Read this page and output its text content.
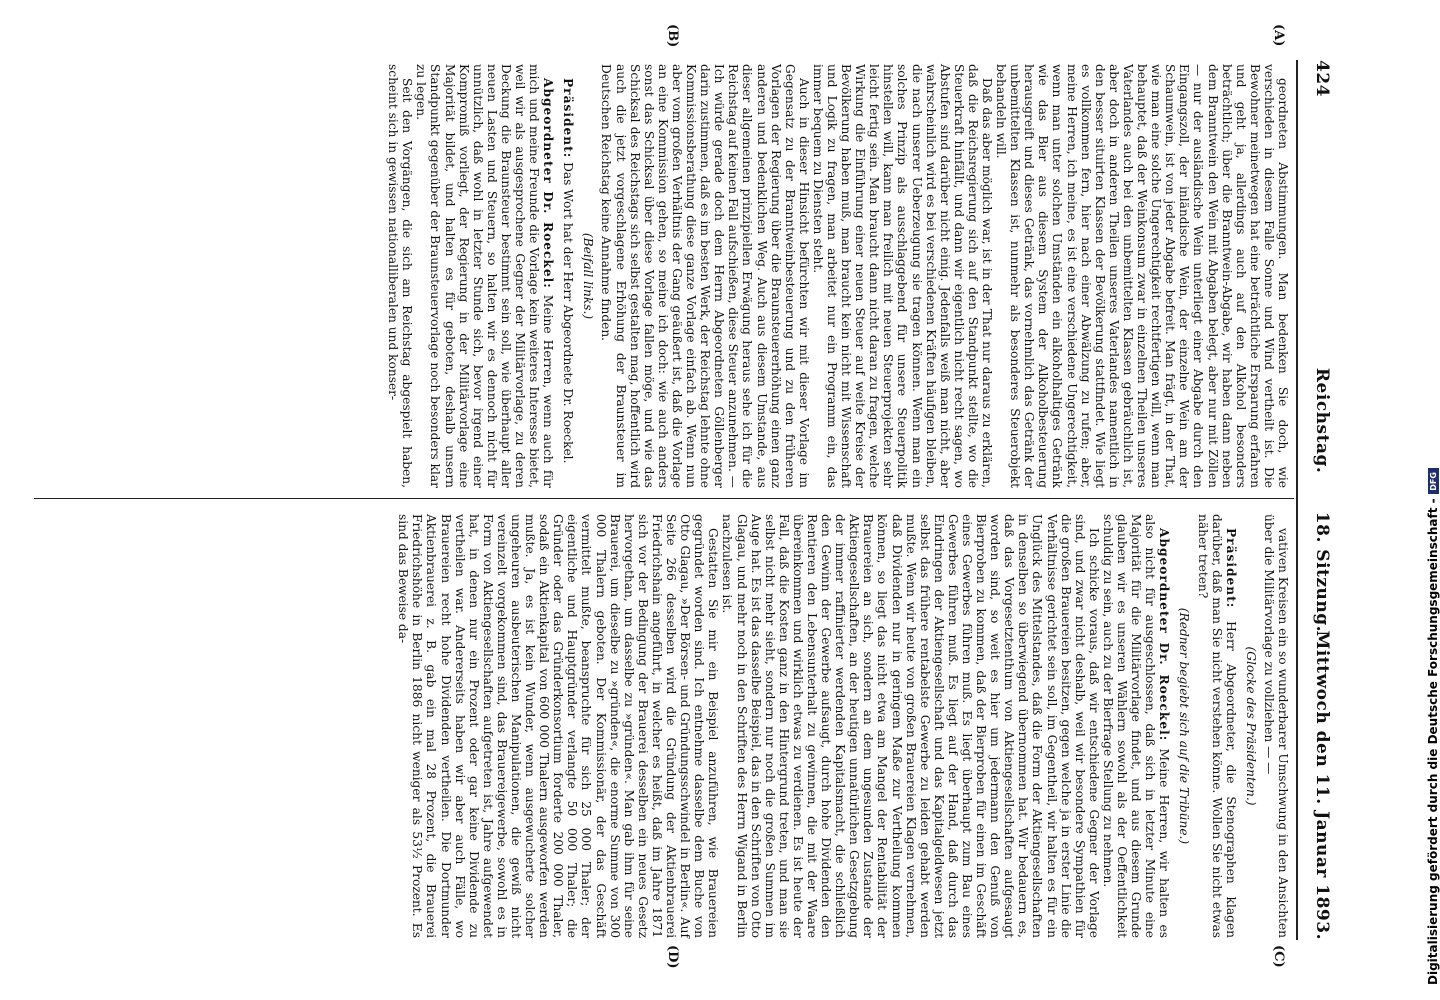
424
Reichstag.      18. Sitzung.
Mittwoch den 11. Januar 1893.
(A)
(B)
(C)
(D)

geordneten Abstimmungen. Man bedenken Sie doch, wie verschieden in diesem Falle Sonne und Wind vertheilt ist. Die Bewohner meinetwegen hat eine beträchtliche Ersparung erfahren und geht ja, allerdings auch auf den Alkohol besonders beträchtlich; über die Branntwein-Abgabe, wir haben dann neben dem Branntwein den Wein mit Abgaben belegt, aber nur mit Zöllen — nur der ausländische Wein unterliegt einer Abgabe durch den Eingangszoll, der inländische Wein, der einzelne Wein am der Schaumwein, ist von jeder Abgabe befreit. Man frägt, in der That, wie man eine solche Ungerechtigkeit rechtfertigen will, wenn man behauptet, daß der Weinkonsum zwar in einzelnen Theilen unseres Vaterlandes auch bei den unbemittelten Klassen gebräuchlich ist, aber doch in anderen Theilen unseres Vaterlandes namentlich in den besser situirten Klassen der Bevölkerung stattfindet. Wie liegt es vollkommen fern, hier nach einer Abwälzung zu rufen; aber, meine Herren, ich meine, es ist eine verschiedene Ungerechtigkeit, wenn man unter solchen Umständen ein alkoholhaltiges Getränk wie das Bier aus diesem System der Alkoholbesteuerung herausgreift und dieses Getränk, das vornehmlich das Getränk der unbemittelten Klassen ist, nunmehr als besonderes Steuerobjekt behandeln will.

Daß das aber möglich war, ist in der That nur daraus zu erklären, daß die Reichsregierung sich auf den Standpunkt stellte, wo die Steuerkraft hinfällt, und dann wir eigentlich nicht recht sagen, wo Abstufen sind darüber nicht einig. Jedenfalls weiß man nicht, aber wahrscheinlich wird es bei verschiedenen Kräften häufigen bleiben, die nach unserer Ueberzeugung sie tragen können. Wenn man ein solches Prinzip als ausschlaggebend für unsere Steuerpolitik hinstellen will, kann man freilich mit neuen Steuerprojekten sehr leicht fertig sein. Man braucht dann nicht daran zu fragen, welche Wirkung die Einführung einer neuen Steuer auf weite Kreise der Bevölkerung haben muß, man braucht kein nicht mit Wissenschaft und Logik zu fragen, man arbeitet nur ein Programm ein, das immer bequem zu Diensten steht.

Auch in dieser Hinsicht befürchten wir mit dieser Vorlage im Gegensatz zu der Branntweinbesteuerung und zu den früheren Vorlagen der Regierung über die Braunsteuererhöhung einen ganz anderen und bedenklichen Weg. Auch aus diesem Umstande, aus dieser allgemeinen prinzipiellen Erwägung heraus sehe ich für die Reichstag auf keinen Fall aufschießen, diese Steuer anzunehmen. — Ich würde gerade doch dem Herrn Abgeordneten Göllenberger darin zustimmen, daß es im besten Werk, der Reichstag lehnte ohne Kommissionsberathung diese ganze Vorlage einfach ab. Wenn nun aber vom großen Verhältnis der Gang geäußert ist, daß die Vorlage an eine Kommission gehen, so meine ich doch: wie auch anders sonst das Schicksal über diese Vorlage fallen möge, und wie das Schicksal des Reichstags sich selbst gestalten mag, hoffentlich wird auch die jetzt vorgeschlagene Erhöhung der Braunsteuer im Deutschen Reichstag keine Annahme finden.

(Beifall links.)

Präsident: Das Wort hat der Herr Abgeordnete Dr. Roeckel.

Abgeordneter Dr. Roeckel: Meine Herren, wenn auch für mich und meine Freunde die Vorlage kein weiteres Interesse bietet, weil wir als ausgesprochene Gegner der Militärvorlage, zu deren Deckung die Braunsteuer bestimmt sein soll, wie überhaupt aller neuen Lasten und Steuern, so halten wir es dennoch nicht für unnützlich, daß wohl in letzter Stunde sich, bevor irgend einer Kompromiß vorliegt, der Regierung in der Militärvorlage eine Majorität bildet, und halten es für geboten, deshalb unsern Standpunkt gegenüber der Braunsteuervorlage noch besonders klar zu legen.

Seit den Vorgängen, die sich am Reichstag abgespielt haben, scheint sich in gewissen nationalliberalen und konser-

vativen Kreisen ein so wunderbarer Umschwung in den Ansichten über die Militärvorlage zu vollziehen — —

(Glocke des Präsidenten.)

Präsident: Herr Abgeordneter, die Stenographen klagen darüber, daß man Sie nicht verstehen könne. Wollen Sie nicht etwas näher treten?

(Redner begiebt sich auf die Tribüne.)

Abgeordneter Dr. Roeckel: Meine Herren, wir halten es also nicht für ausgeschlossen, daß sich in letzter Minute eine Majorität für die Militärvorlage findet, und aus diesem Grunde glauben wir es unseren Wählern sowohl als der Oeffentlichkeit schuldig zu sein, auch zu der Bierfrage Stellung zu nehmen.

Ich schicke voraus, daß wir entschiedene Gegner der Vorlage sind, und zwar nicht deshalb, weil wir besondere Sympathien für die großen Brauereien besitzen, gegen welche ja in erster Linie die Verhältnisse gerichtet sein soll, im Gegentheil, wir halten es für ein Unglück des Mittelstandes, daß die Form der Aktiengesellschaften in denselben so überwiegend übernommen hat. Wir bedauern es, daß das Vorgesetztenthum von Aktiengesellschaften aufgesaugt worden sind, so weit es hier um jedermann den Genuß von Bierproben zu kommen, daß der Bierproben für einen im Geschäft eines Gewerbes führen muß. Es liegt überhaupt zum Bau eines Gewerbes führen muß. Es liegt auf der Hand, daß durch das Eindringen der Aktiengesellschaft und das Kapitalgeldwesen jetzt selbst das frühere rentabelste Gewerbe zu leiden gehabt werden mußte. Wenn wir heute von großen Brauereien Klagen vernehmen, daß Dividenden nur in geringem Maße zur Vertheilung kommen können, so liegt das nicht etwa am Mangel der Rentabilität der Brauereien an sich, sondern an dem ungesunden Zustande der Aktiengesellschaften, an der heutigen unnatürlichen Gesetzgebung der immer raffinierter werdenden Kapitalsmacht, die schließlich den Gewinn der Gewerbe aufsaugt, durch hohe Dividenden den Rentieren den Lebensunterhalt zu gewinnen, die mit der Waare übereinkommen und wirklich etwas zu verdienen. Es ist heute der Fall, daß die Kosten ganz in den Hintergrund treten, und man sie selbst nicht mehr sieht, sondern nur noch die großen Summen im Auge hat. Es ist das dasselbe Beispiel, das in den Schriften von Otto Glagau, und mehr noch in den Schriften des Herrn Wigand in Berlin nachzulesen ist.

Gestatten Sie mir ein Beispiel anzuführen, wie Brauereien gegründet worden sind. Ich entnehme dasselbe dem Buche von Otto Glagau, »Der Börsen- und Gründungsschwindel in Berlin«. Auf Seite 266 desselben wird die Gründung der Aktienbrauerei Friedrichshain angeführt, in welcher es heißt, daß im Jahre 1871 sich vor der Bedingung der Brauerei desselben ein neues Gesetz hervorgethan, um dasselbe zu »gründen«. Man gab ihm für seine Brauerei, um dieselbe zu »gründen«, die enorme Summe von 300 000 Thalern geboten. Der Kommissionär, der das Geschäft vermittelt mußte, beanspruchte für sich 25 000 Thaler; der eigentliche und Hauptgründer verlangte 50 000 Thaler; die Gründer oder das Gründerkonsortium forderte 200 000 Thaler, sodaß ein Aktienkapital von 600 000 Thalern ausgeworfen werden mußte. Ja, es ist kein Wunder, wenn ausgewucherte solcher ungeheuren ausbeuterischen Manipulationen, die gewiß nicht vereinzelt vorgekommen sind, das Brauereigewerbe, sowohl es in Form von Aktiengesellschaften aufgetreten ist, Jahre aufgewendet hat, in denen nur ein Prozent oder gar keine Dividende zu vertheilen war. Andererseits haben wir aber auch Fälle, wo Brauereien recht hohe Dividenden vertheilen. Die Dortmunder Aktienbrauerei z. B. gab ein mal 28 Prozent, die Brauerei Friedrichshöhe in Berlin 1886 nicht weniger als 53½ Prozent. Es sind das Beweise da-	Digitalisierung gefördert durch die Deutsche Forschungsgemeinschaft -DFG
